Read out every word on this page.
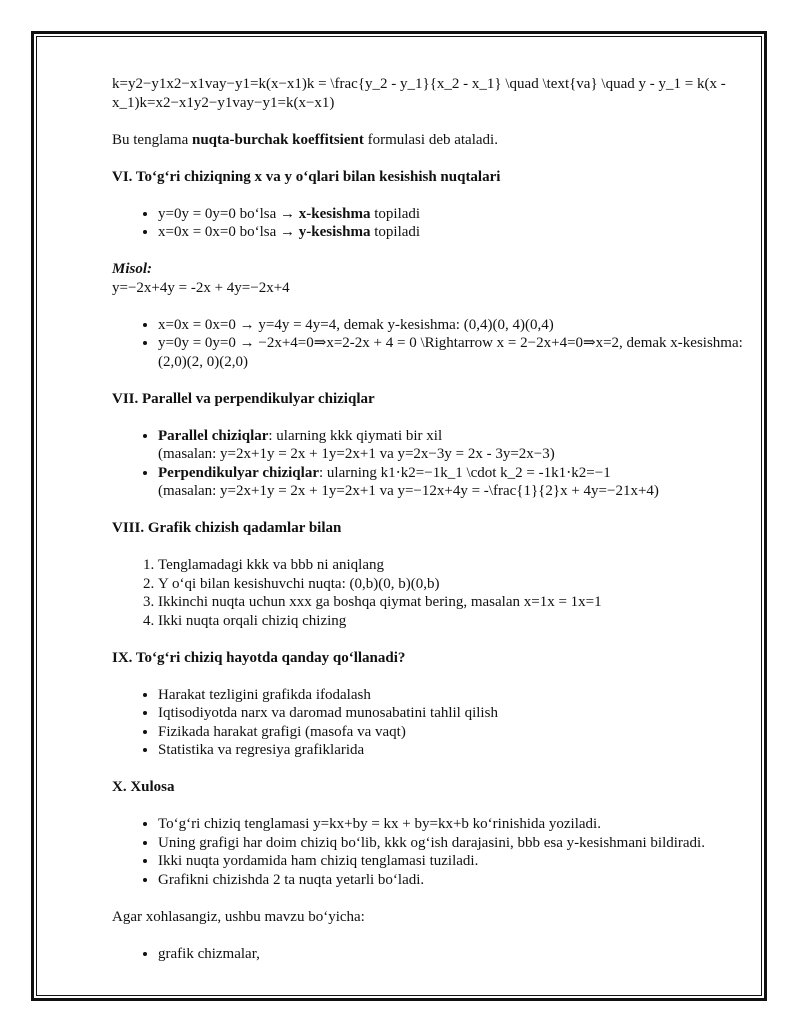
k=y2−y1x2−x1vay−y1=k(x−x1)k = \frac{y_2 - y_1}{x_2 - x_1} \quad \text{va} \quad y - y_1 = k(x - x_1)k=x2−x1y2−y1vay−y1=k(x−x1)

Bu tenglama nuqta-burchak koeffitsient formulasi deb ataladi.

VI. To‘g‘ri chiziqning x va y o‘qlari bilan kesishish nuqtalari
• y=0y = 0y=0 bo‘lsa → x-kesishma topiladi
• x=0x = 0x=0 bo‘lsa → y-kesishma topiladi

Misol:
y=−2x+4y = -2x + 4y=−2x+4

• x=0x = 0x=0 → y=4y = 4y=4, demak y-kesishma: (0,4)(0, 4)(0,4)
• y=0y = 0y=0 → −2x+4=0⇒x=2-2x + 4 = 0 \Rightarrow x = 2−2x+4=0⇒x=2, demak x-kesishma: (2,0)(2, 0)(2,0)
VII. Parallel va perpendikulyar chiziqlar
• Parallel chiziqlar: ularning kkk qiymati bir xil
(masalan: y=2x+1y = 2x + 1y=2x+1 va y=2x−3y = 2x - 3y=2x−3)
• Perpendikulyar chiziqlar: ularning k1⋅k2=−1k_1 \cdot k_2 = -1k1⋅k2=−1
(masalan: y=2x+1y = 2x + 1y=2x+1 va y=−12x+4y = -\frac{1}{2}x + 4y=−21x+4)
VIII. Grafik chizish qadamlar bilan
1. Tenglamadagi kkk va bbb ni aniqlang
2. Y o‘qi bilan kesishuvchi nuqta: (0,b)(0, b)(0,b)
3. Ikkinchi nuqta uchun xxx ga boshqa qiymat bering, masalan x=1x = 1x=1
4. Ikki nuqta orqali chiziq chizing
IX. To‘g‘ri chiziq hayotda qanday qo‘llanadi?
• Harakat tezligini grafikda ifodalash
• Iqtisodiyotda narx va daromad munosabatini tahlil qilish
• Fizikada harakat grafigi (masofa va vaqt)
• Statistika va regresiya grafiklarida
X. Xulosa
• To‘g‘ri chiziq tenglamasi y=kx+by = kx + by=kx+b ko‘rinishida yoziladi.
• Uning grafigi har doim chiziq bo‘lib, kkk og‘ish darajasini, bbb esa y-kesishmani bildiradi.
• Ikki nuqta yordamida ham chiziq tenglamasi tuziladi.
• Grafikni chizishda 2 ta nuqta yetarli bo‘ladi.

Agar xohlasangiz, ushbu mavzu bo‘yicha:

• grafik chizmalar,
